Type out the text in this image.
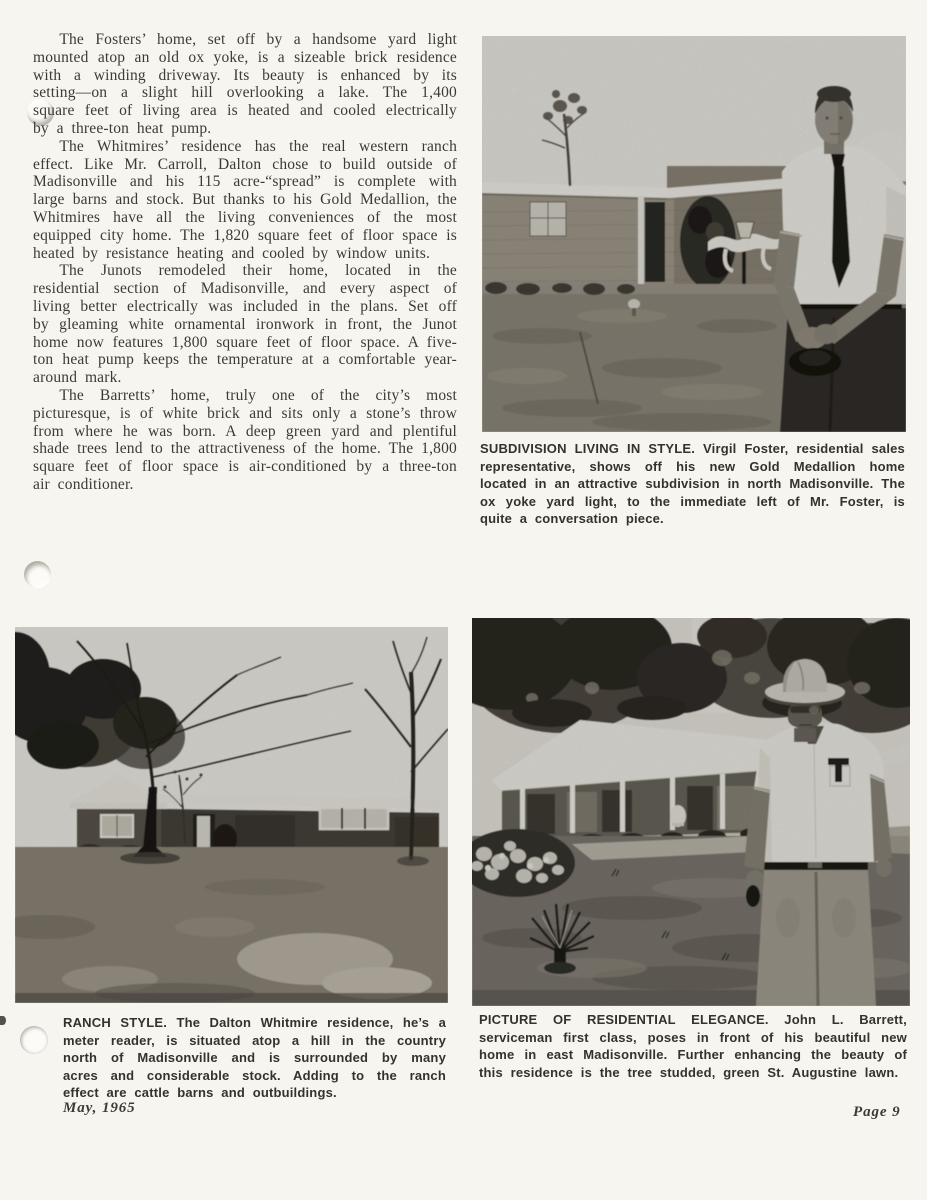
The Fosters’ home, set off by a handsome yard light mounted atop an old ox yoke, is a sizeable brick residence with a winding driveway. Its beauty is enhanced by its setting—on a slight hill overlooking a lake. The 1,400 square feet of living area is heated and cooled electrically by a three-ton heat pump.

The Whitmires’ residence has the real western ranch effect. Like Mr. Carroll, Dalton chose to build outside of Madisonville and his 115 acre-“spread” is complete with large barns and stock. But thanks to his Gold Medallion, the Whitmires have all the living conveniences of the most equipped city home. The 1,820 square feet of floor space is heated by resistance heating and cooled by window units.

The Junots remodeled their home, located in the residential section of Madisonville, and every aspect of living better electrically was included in the plans. Set off by gleaming white ornamental ironwork in front, the Junot home now features 1,800 square feet of floor space. A five-ton heat pump keeps the temperature at a comfortable year-around mark.

The Barretts’ home, truly one of the city’s most picturesque, is of white brick and sits only a stone’s throw from where he was born. A deep green yard and plentiful shade trees lend to the attractiveness of the home. The 1,800 square feet of floor space is air-conditioned by a three-ton air conditioner.

SUBDIVISION LIVING IN STYLE. Virgil Foster, residential sales representative, shows off his new Gold Medallion home located in an attractive subdivision in north Madisonville. The ox yoke yard light, to the immediate left of Mr. Foster, is quite a conversation piece.
RANCH STYLE. The Dalton Whitmire residence, he’s a meter reader, is situated atop a hill in the country north of Madisonville and is surrounded by many acres and considerable stock. Adding to the ranch effect are cattle barns and outbuildings.
PICTURE OF RESIDENTIAL ELEGANCE. John L. Barrett, serviceman first class, poses in front of his beautiful new home in east Madisonville. Further enhancing the beauty of this residence is the tree studded, green St. Augustine lawn.
May, 1965	Page 9
